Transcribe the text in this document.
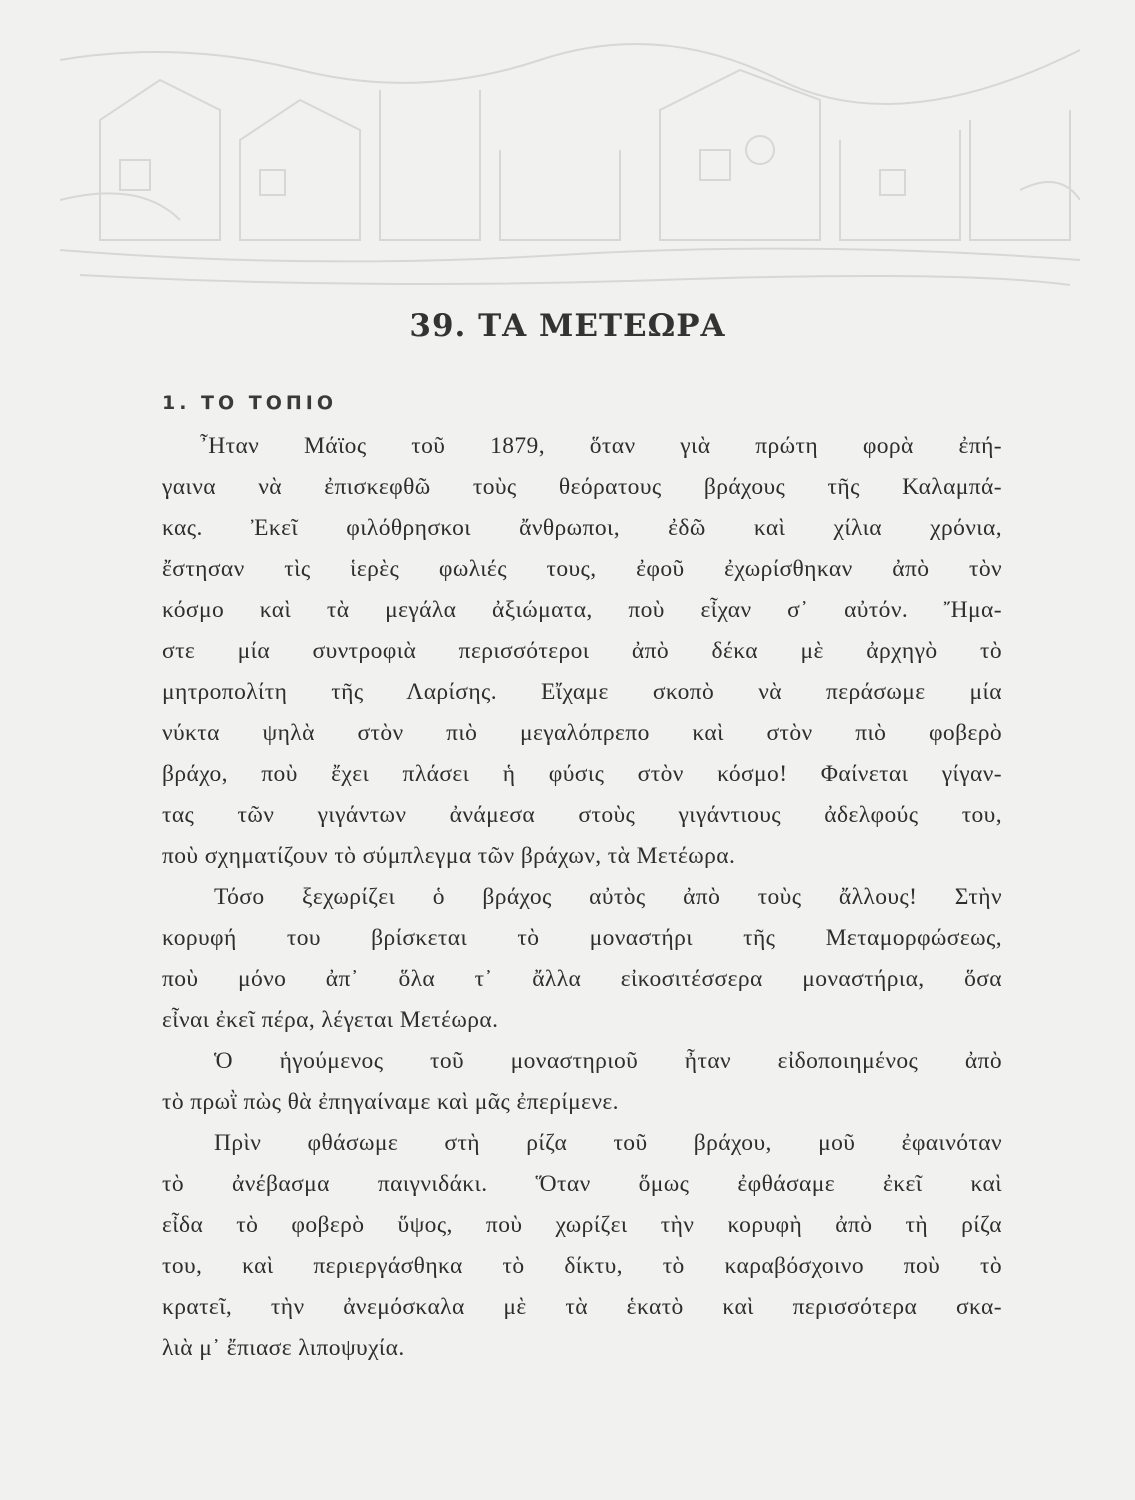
39. ΤΑ ΜΕΤΕΩΡΑ
1. ΤΟ ΤΟΠΙΟ
῏Ηταν Μάϊος τοῦ 1879, ὅταν γιὰ πρώτη φορὰ ἐπή-
γαινα νὰ ἐπισκεφθῶ τοὺς θεόρατους βράχους τῆς Καλαμπά-
κας. Ἐκεῖ φιλόθρησκοι ἄνθρωποι, ἐδῶ καὶ χίλια χρόνια,
ἔστησαν τὶς ἱερὲς φωλιές τους, ἐφοῦ ἐχωρίσθηκαν ἀπὸ τὸν
κόσμο καὶ τὰ μεγάλα ἀξιώματα, ποὺ εἶχαν σ᾽ αὐτόν. Ἤμα-
στε μία συντροφιὰ περισσότεροι ἀπὸ δέκα μὲ ἀρχηγὸ τὸ
μητροπολίτη τῆς Λαρίσης. Εἴχαμε σκοπὸ νὰ περάσωμε μία
νύκτα ψηλὰ στὸν πιὸ μεγαλόπρεπο καὶ στὸν πιὸ φοβερὸ
βράχο, ποὺ ἔχει πλάσει ἡ φύσις στὸν κόσμο! Φαίνεται γίγαν-
τας τῶν γιγάντων ἀνάμεσα στοὺς γιγάντιους ἀδελφούς του,
ποὺ σχηματίζουν τὸ σύμπλεγμα τῶν βράχων, τὰ Μετέωρα.
Τόσο ξεχωρίζει ὁ βράχος αὐτὸς ἀπὸ τοὺς ἄλλους! Στὴν
κορυφή του βρίσκεται τὸ μοναστήρι τῆς Μεταμορφώσεως,
ποὺ μόνο ἀπ᾽ ὅλα τ᾽ ἄλλα εἰκοσιτέσσερα μοναστήρια, ὅσα
εἶναι ἐκεῖ πέρα, λέγεται Μετέωρα.
Ὁ ἡγούμενος τοῦ μοναστηριοῦ ἦταν εἰδοποιημένος ἀπὸ
τὸ πρωῒ πὼς θὰ ἐπηγαίναμε καὶ μᾶς ἐπερίμενε.
Πρὶν φθάσωμε στὴ ρίζα τοῦ βράχου, μοῦ ἐφαινόταν
τὸ ἀνέβασμα παιγνιδάκι. Ὅταν ὅμως ἐφθάσαμε ἐκεῖ καὶ
εἶδα τὸ φοβερὸ ὕψος, ποὺ χωρίζει τὴν κορυφὴ ἀπὸ τὴ ρίζα
του, καὶ περιεργάσθηκα τὸ δίκτυ, τὸ καραβόσχοινο ποὺ τὸ
κρατεῖ, τὴν ἀνεμόσκαλα μὲ τὰ ἑκατὸ καὶ περισσότερα σκα-
λιὰ μ᾽ ἔπιασε λιποψυχία.
